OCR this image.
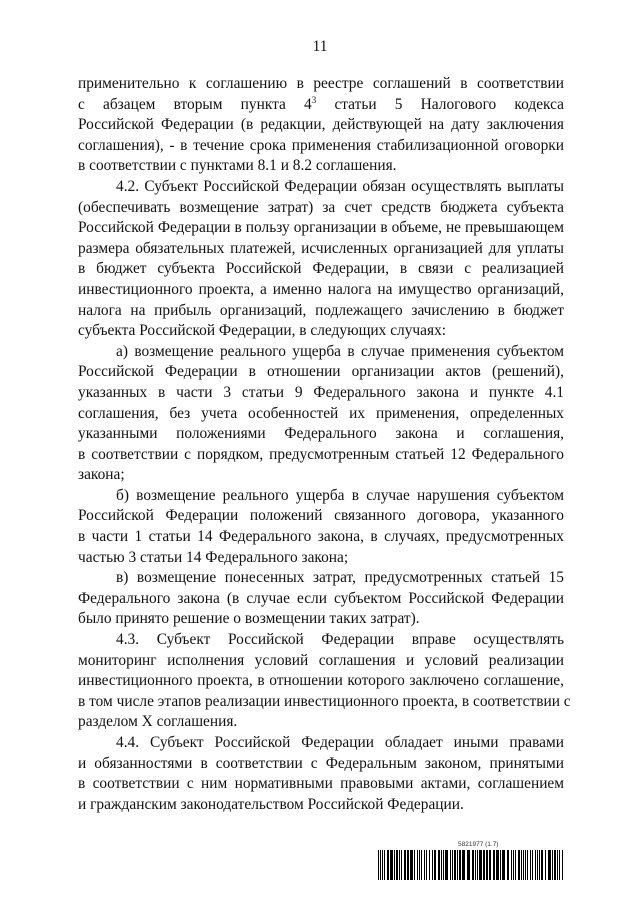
11
применительно к соглашению в реестре соглашений в соответствии
с абзацем вторым пункта $4^3$ статьи 5 Налогового кодекса
Российской Федерации (в редакции, действующей на дату заключения
соглашения), - в течение срока применения стабилизационной оговорки
в соответствии с пунктами 8.1 и 8.2 соглашения.
4.2. Субъект Российской Федерации обязан осуществлять выплаты
(обеспечивать возмещение затрат) за счет средств бюджета субъекта
Российской Федерации в пользу организации в объеме, не превышающем
размера обязательных платежей, исчисленных организацией для уплаты
в бюджет субъекта Российской Федерации, в связи с реализацией
инвестиционного проекта, а именно налога на имущество организаций,
налога на прибыль организаций, подлежащего зачислению в бюджет
субъекта Российской Федерации, в следующих случаях:
а) возмещение реального ущерба в случае применения субъектом
Российской Федерации в отношении организации актов (решений),
указанных в части 3 статьи 9 Федерального закона и пункте 4.1
соглашения, без учета особенностей их применения, определенных
указанными положениями Федерального закона и соглашения,
в соответствии с порядком, предусмотренным статьей 12 Федерального
закона;
б) возмещение реального ущерба в случае нарушения субъектом
Российской Федерации положений связанного договора, указанного
в части 1 статьи 14 Федерального закона, в случаях, предусмотренных
частью 3 статьи 14 Федерального закона;
в) возмещение понесенных затрат, предусмотренных статьей 15
Федерального закона (в случае если субъектом Российской Федерации
было принято решение о возмещении таких затрат).
4.3. Субъект Российской Федерации вправе осуществлять
мониторинг исполнения условий соглашения и условий реализации
инвестиционного проекта, в отношении которого заключено соглашение,
в том числе этапов реализации инвестиционного проекта, в соответствии с
разделом X соглашения.
4.4. Субъект Российской Федерации обладает иными правами
и обязанностями в соответствии с Федеральным законом, принятыми
в соответствии с ним нормативными правовыми актами, соглашением
и гражданским законодательством Российской Федерации.
5821977 (1.7)
